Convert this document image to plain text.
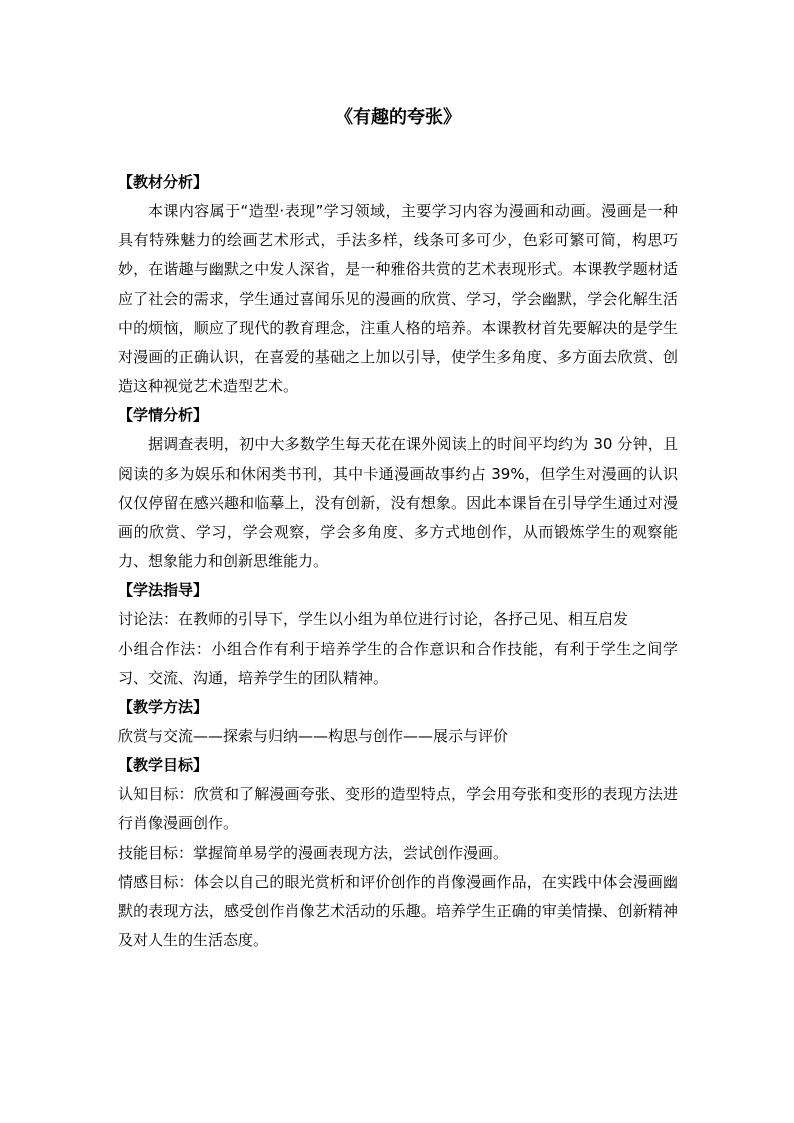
《有趣的夸张》

【教材分析】

本课内容属于“造型·表现”学习领域，主要学习内容为漫画和动画。漫画是一种具有特殊魅力的绘画艺术形式，手法多样，线条可多可少，色彩可繁可简，构思巧妙，在谐趣与幽默之中发人深省，是一种雅俗共赏的艺术表现形式。本课教学题材适应了社会的需求，学生通过喜闻乐见的漫画的欣赏、学习，学会幽默，学会化解生活中的烦恼，顺应了现代的教育理念，注重人格的培养。本课教材首先要解决的是学生对漫画的正确认识，在喜爱的基础之上加以引导，使学生多角度、多方面去欣赏、创造这种视觉艺术造型艺术。

【学情分析】

据调查表明，初中大多数学生每天花在课外阅读上的时间平均约为 30 分钟，且阅读的多为娱乐和休闲类书刊，其中卡通漫画故事约占 39%，但学生对漫画的认识仅仅停留在感兴趣和临摹上，没有创新，没有想象。因此本课旨在引导学生通过对漫画的欣赏、学习，学会观察，学会多角度、多方式地创作，从而锻炼学生的观察能力、想象能力和创新思维能力。

【学法指导】

讨论法：在教师的引导下，学生以小组为单位进行讨论，各抒己见、相互启发

小组合作法：小组合作有利于培养学生的合作意识和合作技能，有利于学生之间学习、交流、沟通，培养学生的团队精神。

【教学方法】

欣赏与交流——探索与归纳——构思与创作——展示与评价

【教学目标】

认知目标：欣赏和了解漫画夸张、变形的造型特点，学会用夸张和变形的表现方法进行肖像漫画创作。

技能目标：掌握简单易学的漫画表现方法，尝试创作漫画。

情感目标：体会以自己的眼光赏析和评价创作的肖像漫画作品，在实践中体会漫画幽默的表现方法，感受创作肖像艺术活动的乐趣。培养学生正确的审美情操、创新精神及对人生的生活态度。
